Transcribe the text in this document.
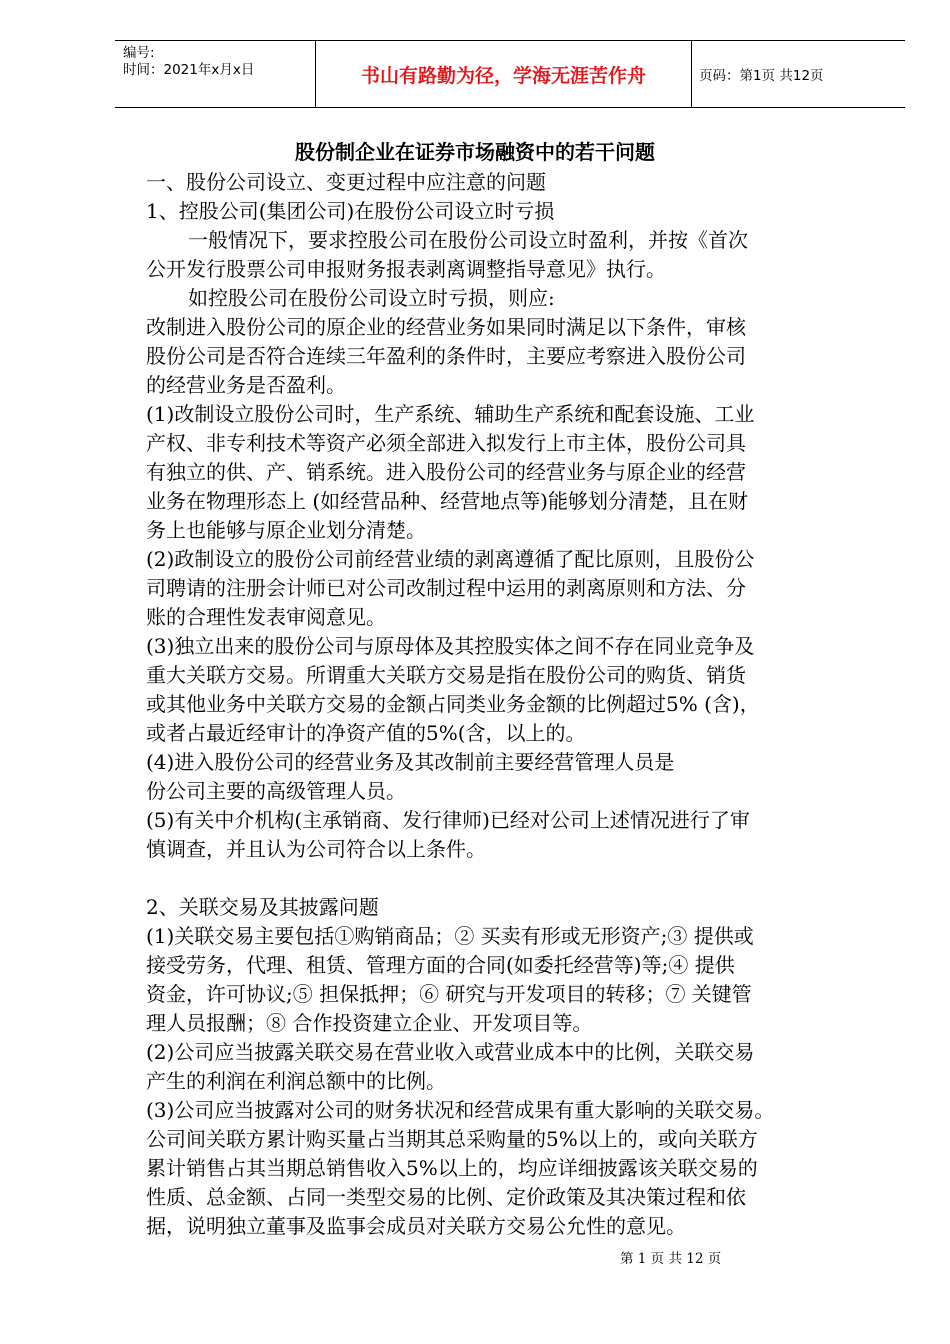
编号:
时间：2021年x月x日	书山有路勤为径，学海无涯苦作舟	页码：第1页 共12页
股份制企业在证券市场融资中的若干问题
一、股份公司设立、变更过程中应注意的问题
1、控股公司(集团公司)在股份公司设立时亏损
一般情况下，要求控股公司在股份公司设立时盈利，并按《首次
公开发行股票公司申报财务报表剥离调整指导意见》执行。
如控股公司在股份公司设立时亏损，则应:
改制进入股份公司的原企业的经营业务如果同时满足以下条件，审核
股份公司是否符合连续三年盈利的条件时，主要应考察进入股份公司
的经营业务是否盈利。
(1)改制设立股份公司时，生产系统、辅助生产系统和配套设施、工业
产权、非专利技术等资产必须全部进入拟发行上市主体，股份公司具
有独立的供、产、销系统。进入股份公司的经营业务与原企业的经营
业务在物理形态上 (如经营品种、经营地点等)能够划分清楚，且在财
务上也能够与原企业划分清楚。
(2)政制设立的股份公司前经营业绩的剥离遵循了配比原则，且股份公
司聘请的注册会计师已对公司改制过程中运用的剥离原则和方法、分
账的合理性发表审阅意见。
(3)独立出来的股份公司与原母体及其控股实体之间不存在同业竞争及
重大关联方交易。所谓重大关联方交易是指在股份公司的购货、销货
或其他业务中关联方交易的金额占同类业务金额的比例超过5% (含)，
或者占最近经审计的净资产值的5%(含，以上的。
(4)进入股份公司的经营业务及其改制前主要经营管理人员是
份公司主要的高级管理人员。
(5)有关中介机构(主承销商、发行律师)已经对公司上述情况进行了审
慎调查，并且认为公司符合以上条件。
2、关联交易及其披露问题
(1)关联交易主要包括①购销商品；② 买卖有形或无形资产;③ 提供或
接受劳务，代理、租赁、管理方面的合同(如委托经营等)等;④ 提供
资金，许可协议;⑤ 担保抵押；⑥ 研究与开发项目的转移；⑦ 关键管
理人员报酬；⑧ 合作投资建立企业、开发项目等。
(2)公司应当披露关联交易在营业收入或营业成本中的比例，关联交易
产生的利润在利润总额中的比例。
(3)公司应当披露对公司的财务状况和经营成果有重大影响的关联交易。
公司间关联方累计购买量占当期其总采购量的5%以上的，或向关联方
累计销售占其当期总销售收入5%以上的，均应详细披露该关联交易的
性质、总金额、占同一类型交易的比例、定价政策及其决策过程和依
据，说明独立董事及监事会成员对关联方交易公允性的意见。
第 1 页 共 12 页
